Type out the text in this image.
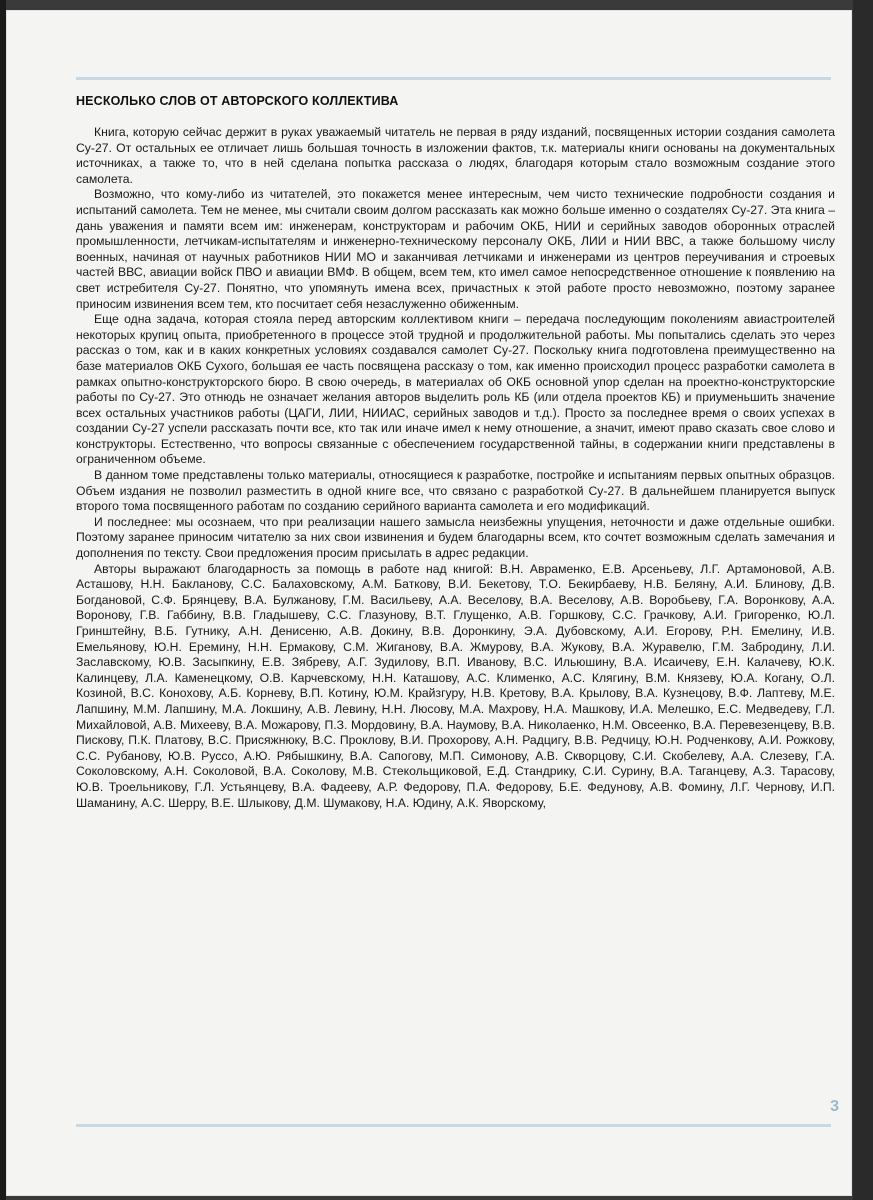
НЕСКОЛЬКО СЛОВ ОТ АВТОРСКОГО КОЛЛЕКТИВА

Книга, которую сейчас держит в руках уважаемый читатель не первая в ряду изданий, посвященных истории создания самолета Су-27. От остальных ее отличает лишь большая точность в изложении фактов, т.к. материалы книги основаны на документальных источниках, а также то, что в ней сделана попытка рассказа о людях, благодаря которым стало возможным создание этого самолета.

Возможно, что кому-либо из читателей, это покажется менее интересным, чем чисто технические подробности создания и испытаний самолета. Тем не менее, мы считали своим долгом рассказать как можно больше именно о создателях Су-27. Эта книга – дань уважения и памяти всем им: инженерам, конструкторам и рабочим ОКБ, НИИ и серийных заводов оборонных отраслей промышленности, летчикам-испытателям и инженерно-техническому персоналу ОКБ, ЛИИ и НИИ ВВС, а также большому числу военных, начиная от научных работников НИИ МО и заканчивая летчиками и инженерами из центров переучивания и строевых частей ВВС, авиации войск ПВО и авиации ВМФ. В общем, всем тем, кто имел самое непосредственное отношение к появлению на свет истребителя Су-27. Понятно, что упомянуть имена всех, причастных к этой работе просто невозможно, поэтому заранее приносим извинения всем тем, кто посчитает себя незаслуженно обиженным.

Еще одна задача, которая стояла перед авторским коллективом книги – передача последующим поколениям авиастроителей некоторых крупиц опыта, приобретенного в процессе этой трудной и продолжительной работы. Мы попытались сделать это через рассказ о том, как и в каких конкретных условиях создавался самолет Су-27. Поскольку книга подготовлена преимущественно на базе материалов ОКБ Сухого, большая ее часть посвящена рассказу о том, как именно происходил процесс разработки самолета в рамках опытно-конструкторского бюро. В свою очередь, в материалах об ОКБ основной упор сделан на проектно-конструкторские работы по Су-27. Это отнюдь не означает желания авторов выделить роль КБ (или отдела проектов КБ) и приуменьшить значение всех остальных участников работы (ЦАГИ, ЛИИ, НИИАС, серийных заводов и т.д.). Просто за последнее время о своих успехах в создании Су-27 успели рассказать почти все, кто так или иначе имел к нему отношение, а значит, имеют право сказать свое слово и конструкторы. Естественно, что вопросы связанные с обеспечением государственной тайны, в содержании книги представлены в ограниченном объеме.

В данном томе представлены только материалы, относящиеся к разработке, постройке и испытаниям первых опытных образцов. Объем издания не позволил разместить в одной книге все, что связано с разработкой Су-27. В дальнейшем планируется выпуск второго тома посвященного работам по созданию серийного варианта самолета и его модификаций.

И последнее: мы осознаем, что при реализации нашего замысла неизбежны упущения, неточности и даже отдельные ошибки. Поэтому заранее приносим читателю за них свои извинения и будем благодарны всем, кто сочтет возможным сделать замечания и дополнения по тексту. Свои предложения просим присылать в адрес редакции.

Авторы выражают благодарность за помощь в работе над книгой: В.Н. Авраменко, Е.В. Арсеньеву, Л.Г. Артамоновой, А.В. Асташову, Н.Н. Бакланову, С.С. Балаховскому, А.М. Баткову, В.И. Бекетову, Т.О. Бекирбаеву, Н.В. Беляну, А.И. Блинову, Д.В. Богдановой, С.Ф. Брянцеву, В.А. Булжанову, Г.М. Васильеву, А.А. Веселову, В.А. Веселову, А.В. Воробьеву, Г.А. Воронкову, А.А. Воронову, Г.В. Габбину, В.В. Гладышеву, С.С. Глазунову, В.Т. Глущенко, А.В. Горшкову, С.С. Грачкову, А.И. Григоренко, Ю.Л. Гринштейну, В.Б. Гутнику, А.Н. Денисеню, А.В. Докину, В.В. Доронкину, Э.А. Дубовскому, А.И. Егорову, Р.Н. Емелину, И.В. Емельянову, Ю.Н. Еремину, Н.Н. Ермакову, С.М. Жиганову, В.А. Жмурову, В.А. Жукову, В.А. Журавелю, Г.М. Забродину, Л.И. Заславскому, Ю.В. Засыпкину, Е.В. Зябреву, А.Г. Зудилову, В.П. Иванову, В.С. Ильюшину, В.А. Исаичеву, Е.Н. Калачеву, Ю.К. Калинцеву, Л.А. Каменецкому, О.В. Карчевскому, Н.Н. Каташову, А.С. Клименко, А.С. Клягину, В.М. Князеву, Ю.А. Когану, О.Л. Козиной, В.С. Коноxову, А.Б. Корневу, В.П. Котину, Ю.М. Крайзгуру, Н.В. Кретову, В.А. Крылову, В.А. Кузнецову, В.Ф. Лаптеву, М.Е. Лапшину, М.М. Лапшину, М.А. Локшину, А.В. Левину, Н.Н. Люсову, М.А. Махрову, Н.А. Машкову, И.А. Мелешко, Е.С. Медведеву, Г.Л. Михайловой, А.В. Михееву, В.А. Можарову, П.З. Мордовину, В.А. Наумову, В.А. Николаенко, Н.М. Овсеенко, В.А. Перевезенцеву, В.В. Пискову, П.К. Платову, В.С. Присяжнюку, В.С. Проклову, В.И. Прохорову, А.Н. Радцигу, В.В. Редчицу, Ю.Н. Родченкову, А.И. Рожкову, С.С. Рубанову, Ю.В. Руссо, А.Ю. Рябышкину, В.А. Сапогову, М.П. Симонову, А.В. Скворцову, С.И. Скобелеву, А.А. Слезеву, Г.А. Соколовскому, А.Н. Соколовой, В.А. Соколову, М.В. Стекольщиковой, Е.Д. Стандрику, С.И. Сурину, В.А. Таганцеву, А.З. Тарасову, Ю.В. Троельникову, Г.Л. Устьянцеву, В.А. Фадееву, А.Р. Федорову, П.А. Федорову, Б.Е. Федунову, А.В. Фомину, Л.Г. Чернову, И.П. Шаманину, А.С. Шерру, В.Е. Шлыкову, Д.М. Шумакову, Н.А. Юдину, А.К. Яворскому,

3
